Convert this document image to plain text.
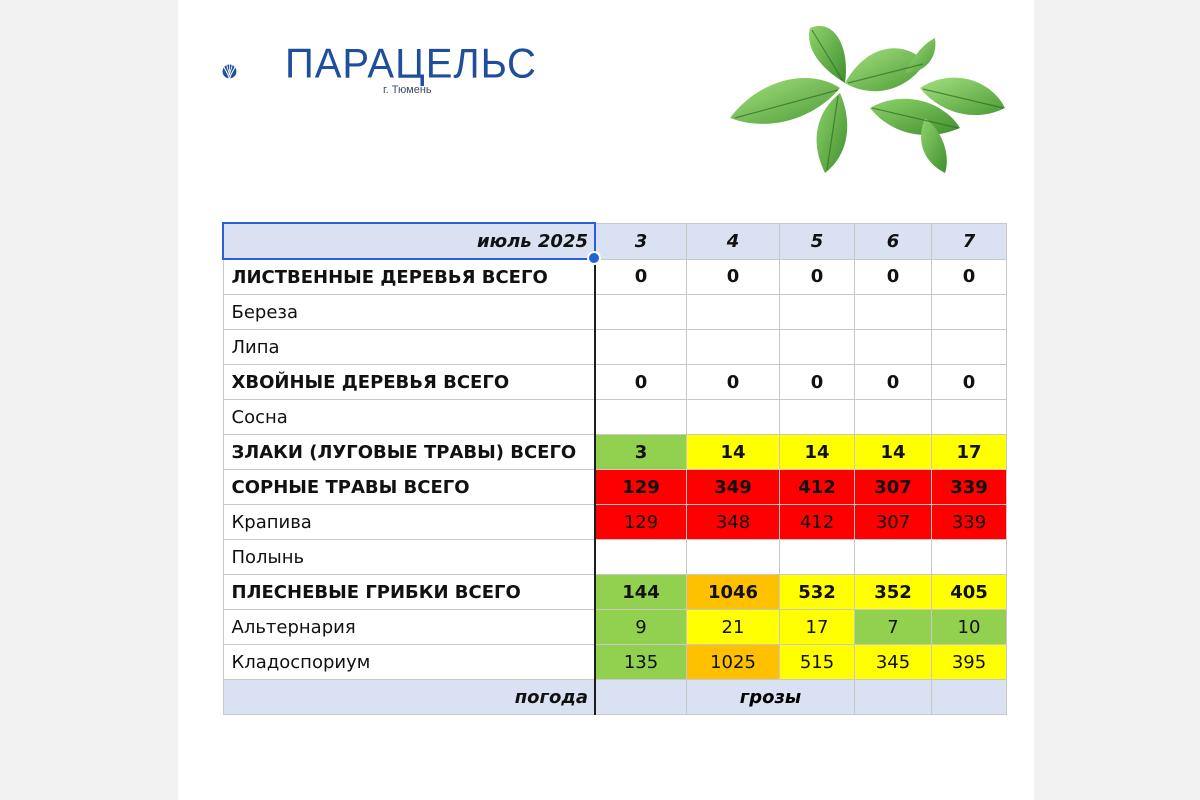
ПАРАЦЕЛЬС
г. Тюмень
июль 2025	3	4	5	6	7
ЛИСТВЕННЫЕ ДЕРЕВЬЯ ВСЕГО	0	0	0	0	0
Береза					
Липа					
ХВОЙНЫЕ ДЕРЕВЬЯ ВСЕГО	0	0	0	0	0
Сосна					
ЗЛАКИ (ЛУГОВЫЕ ТРАВЫ) ВСЕГО	3	14	14	14	17
СОРНЫЕ ТРАВЫ ВСЕГО	129	349	412	307	339
Крапива	129	348	412	307	339
Полынь					
ПЛЕСНЕВЫЕ ГРИБКИ ВСЕГО	144	1046	532	352	405
Альтернария	9	21	17	7	10
Кладоспориум	135	1025	515	345	395
погода		грозы			
